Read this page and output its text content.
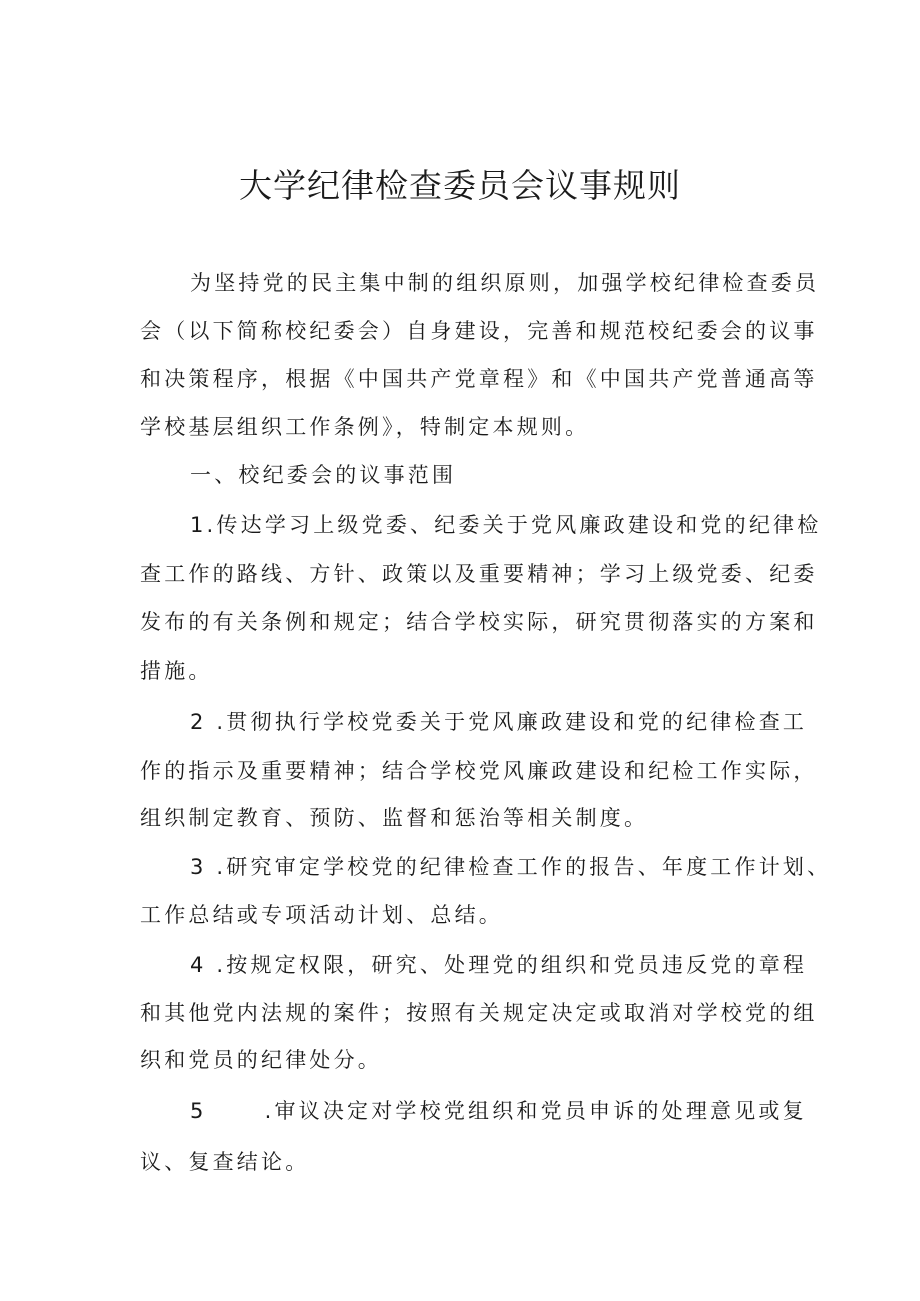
大学纪律检查委员会议事规则

为坚持党的民主集中制的组织原则，加强学校纪律检查委员

会（以下简称校纪委会）自身建设，完善和规范校纪委会的议事

和决策程序，根据《中国共产党章程》和《中国共产党普通高等

学校基层组织工作条例》，特制定本规则。

一、校纪委会的议事范围

1.传达学习上级党委、纪委关于党风廉政建设和党的纪律检

查工作的路线、方针、政策以及重要精神；学习上级党委、纪委

发布的有关条例和规定；结合学校实际，研究贯彻落实的方案和

措施。

2 .贯彻执行学校党委关于党风廉政建设和党的纪律检查工

作的指示及重要精神；结合学校党风廉政建设和纪检工作实际，

组织制定教育、预防、监督和惩治等相关制度。

3 .研究审定学校党的纪律检查工作的报告、年度工作计划、

工作总结或专项活动计划、总结。

4 .按规定权限，研究、处理党的组织和党员违反党的章程

和其他党内法规的案件；按照有关规定决定或取消对学校党的组

织和党员的纪律处分。

5	.审议决定对学校党组织和党员申诉的处理意见或复

议、复查结论。
